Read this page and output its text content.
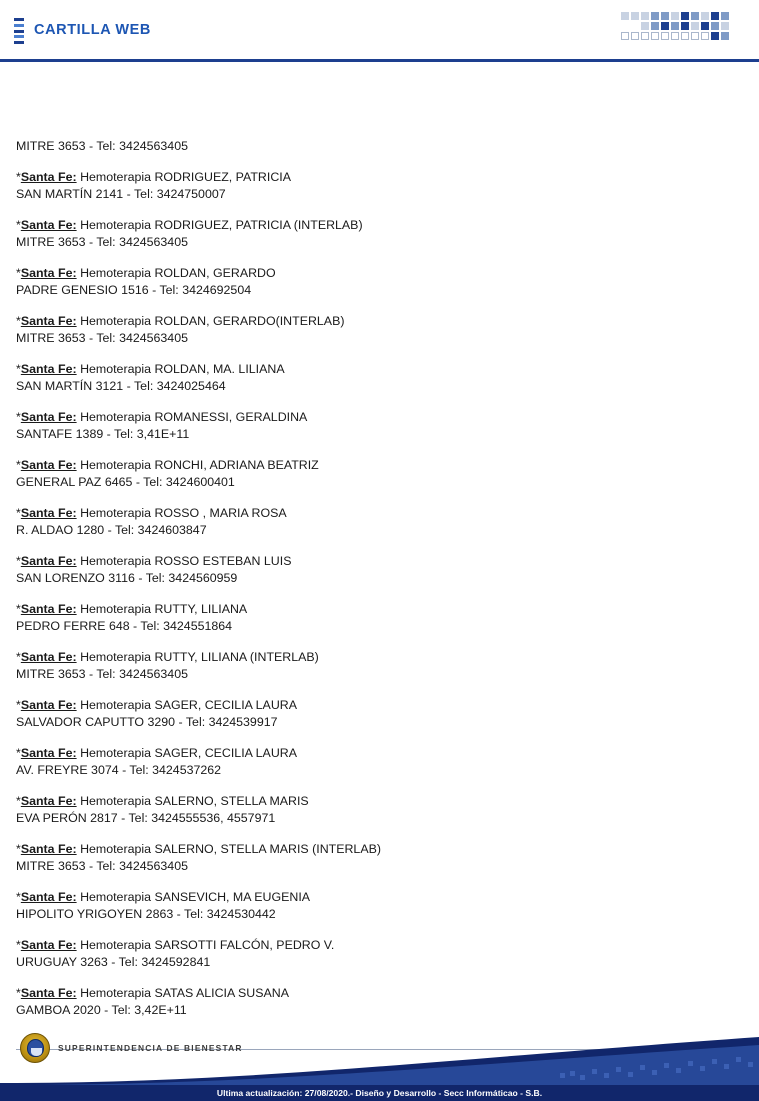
CARTILLA WEB
MITRE 3653 - Tel: 3424563405
*Santa Fe: Hemoterapia RODRIGUEZ, PATRICIA
SAN MARTÍN 2141 - Tel: 3424750007
*Santa Fe: Hemoterapia RODRIGUEZ, PATRICIA (INTERLAB)
MITRE 3653 - Tel: 3424563405
*Santa Fe: Hemoterapia ROLDAN, GERARDO
PADRE GENESIO 1516 - Tel: 3424692504
*Santa Fe: Hemoterapia ROLDAN, GERARDO(INTERLAB)
MITRE 3653 - Tel: 3424563405
*Santa Fe: Hemoterapia ROLDAN, MA. LILIANA
SAN MARTÍN 3121 - Tel: 3424025464
*Santa Fe: Hemoterapia ROMANESSI, GERALDINA
SANTAFE 1389 - Tel: 3,41E+11
*Santa Fe: Hemoterapia RONCHI, ADRIANA BEATRIZ
GENERAL PAZ 6465 - Tel: 3424600401
*Santa Fe: Hemoterapia ROSSO , MARIA ROSA
R. ALDAO 1280 - Tel: 3424603847
*Santa Fe: Hemoterapia ROSSO ESTEBAN LUIS
SAN LORENZO 3116 - Tel: 3424560959
*Santa Fe: Hemoterapia RUTTY, LILIANA
PEDRO FERRE 648 - Tel: 3424551864
*Santa Fe: Hemoterapia RUTTY, LILIANA (INTERLAB)
MITRE 3653 - Tel: 3424563405
*Santa Fe: Hemoterapia SAGER, CECILIA LAURA
SALVADOR CAPUTTO 3290 - Tel: 3424539917
*Santa Fe: Hemoterapia SAGER, CECILIA LAURA
AV. FREYRE 3074 - Tel: 3424537262
*Santa Fe: Hemoterapia SALERNO, STELLA MARIS
EVA PERÓN 2817 - Tel: 3424555536, 4557971
*Santa Fe: Hemoterapia SALERNO, STELLA MARIS (INTERLAB)
MITRE 3653 - Tel: 3424563405
*Santa Fe: Hemoterapia SANSEVICH, MA EUGENIA
HIPOLITO YRIGOYEN 2863 - Tel: 3424530442
*Santa Fe: Hemoterapia SARSOTTI FALCÓN, PEDRO V.
URUGUAY 3263 - Tel: 3424592841
*Santa Fe: Hemoterapia SATAS ALICIA SUSANA
GAMBOA 2020 - Tel: 3,42E+11
SUPERINTENDENCIA DE BIENESTAR
Ultima actualización: 27/08/2020.- Diseño y Desarrollo - Secc Informáticao - S.B.
